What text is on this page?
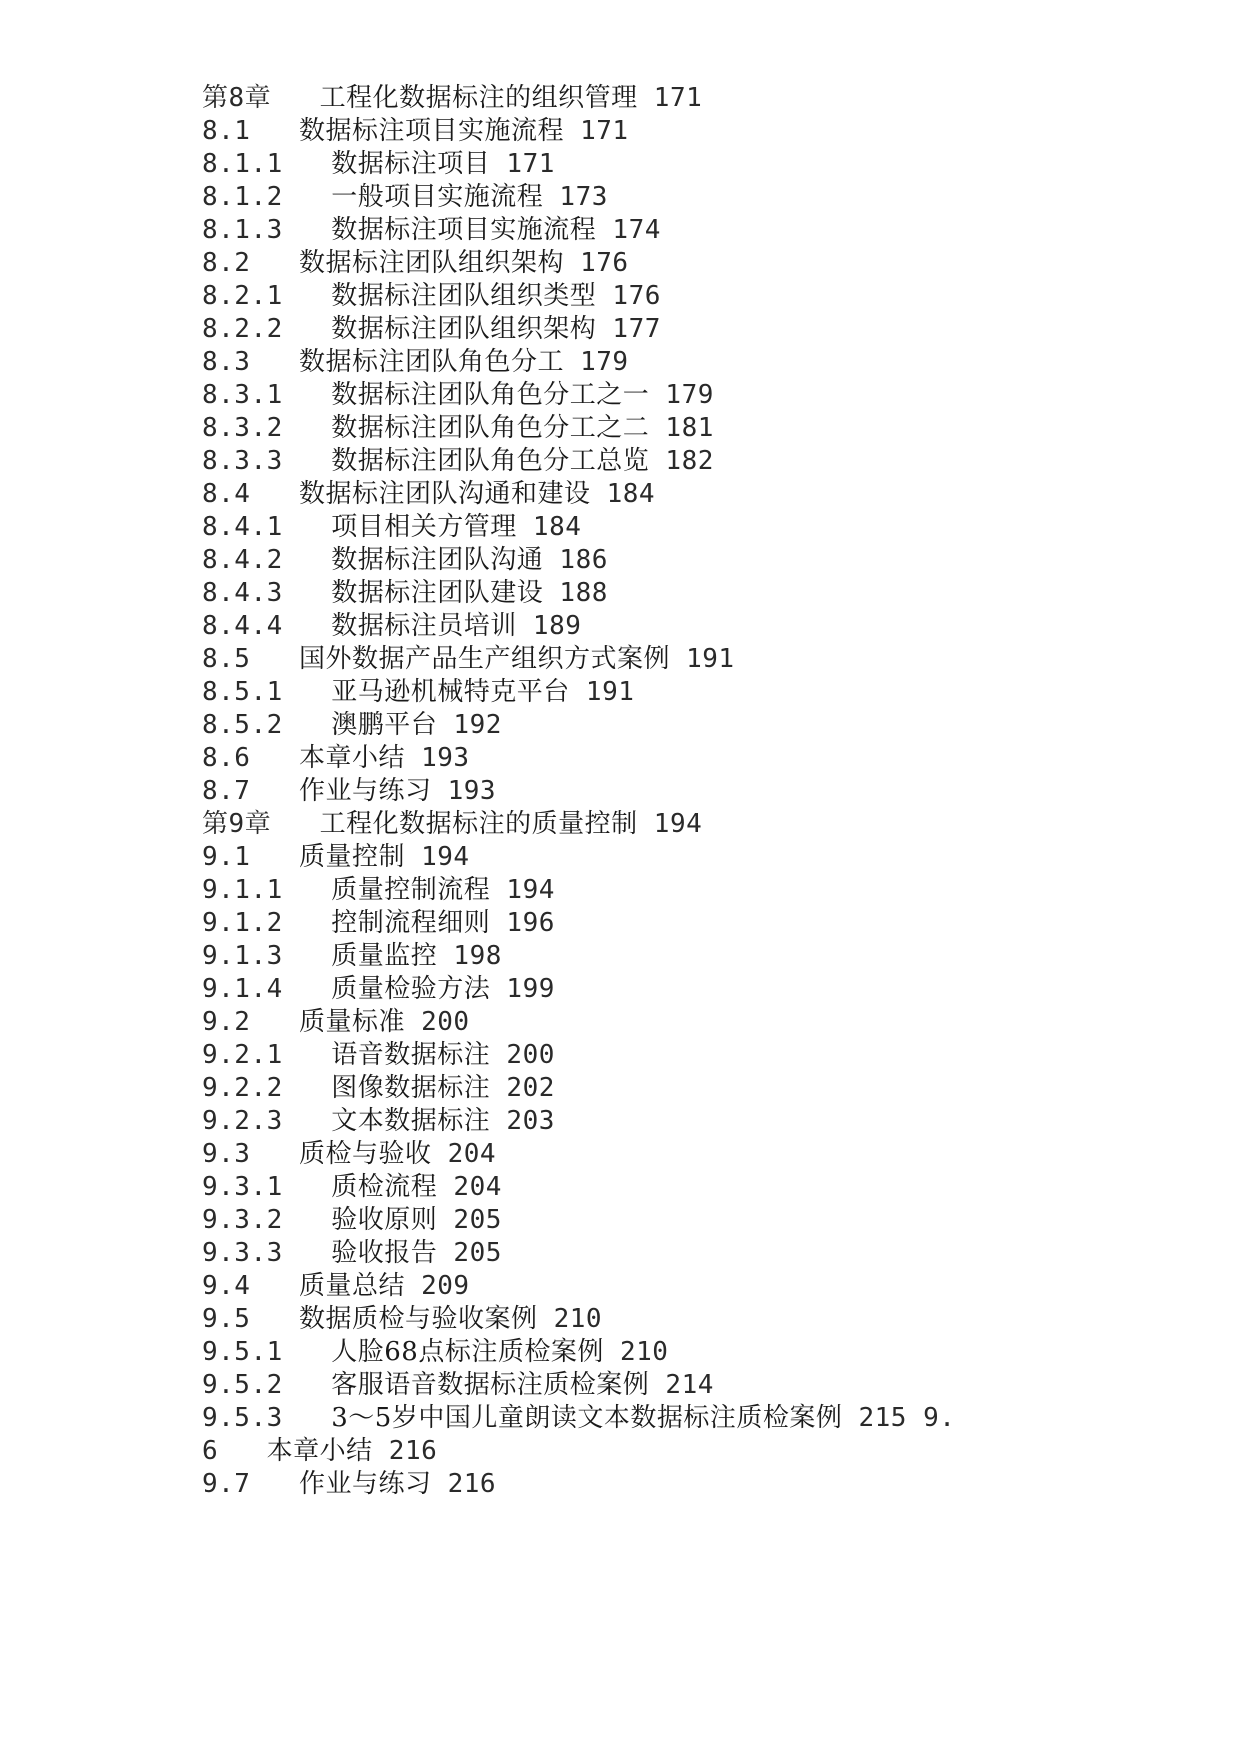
第8章 工程化数据标注的组织管理 171
8.1 数据标注项目实施流程 171
8.1.1 数据标注项目 171
8.1.2 一般项目实施流程 173
8.1.3 数据标注项目实施流程 174
8.2 数据标注团队组织架构 176
8.2.1 数据标注团队组织类型 176
8.2.2 数据标注团队组织架构 177
8.3 数据标注团队角色分工 179
8.3.1 数据标注团队角色分工之一 179
8.3.2 数据标注团队角色分工之二 181
8.3.3 数据标注团队角色分工总览 182
8.4 数据标注团队沟通和建设 184
8.4.1 项目相关方管理 184
8.4.2 数据标注团队沟通 186
8.4.3 数据标注团队建设 188
8.4.4 数据标注员培训 189
8.5 国外数据产品生产组织方式案例 191
8.5.1 亚马逊机械特克平台 191
8.5.2 澳鹏平台 192
8.6 本章小结 193
8.7 作业与练习 193
第9章 工程化数据标注的质量控制 194
9.1 质量控制 194
9.1.1 质量控制流程 194
9.1.2 控制流程细则 196
9.1.3 质量监控 198
9.1.4 质量检验方法 199
9.2 质量标准 200
9.2.1 语音数据标注 200
9.2.2 图像数据标注 202
9.2.3 文本数据标注 203
9.3 质检与验收 204
9.3.1 质检流程 204
9.3.2 验收原则 205
9.3.3 验收报告 205
9.4 质量总结 209
9.5 数据质检与验收案例 210
9.5.1 人脸68点标注质检案例 210
9.5.2 客服语音数据标注质检案例 214
9.5.3 3～5岁中国儿童朗读文本数据标注质检案例 215 9.
6 本章小结 216
9.7 作业与练习 216
